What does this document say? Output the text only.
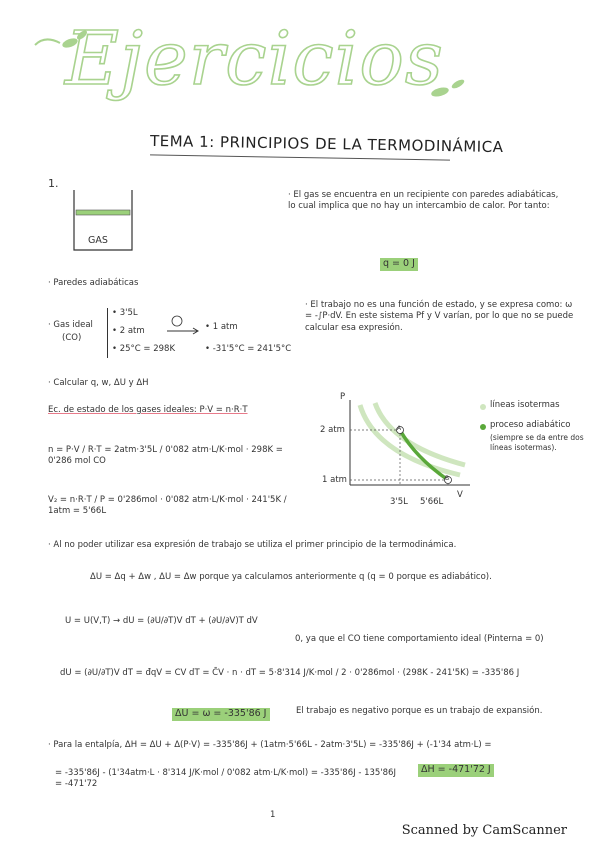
Ejercicios
TEMA 1: PRINCIPIOS DE LA TERMODINÁMICA
1.
GAS
· Paredes adiabáticas
· Gas ideal
(CO)
• 3'5L
• 2 atm
• 25°C = 298K
• 1 atm
• -31'5°C = 241'5°C
· Calcular q, w, ΔU y ΔH
Ec. de estado de los gases ideales: P·V = n·R·T
n = P·V / R·T = 2atm·3'5L / 0'082 atm·L/K·mol · 298K = 0'286 mol CO
V₂ = n·R·T / P = 0'286mol · 0'082 atm·L/K·mol · 241'5K / 1atm = 5'66L
· El gas se encuentra en un recipiente con paredes adiabáticas, lo cual implica que no hay un intercambio de calor. Por tanto:
q = 0 J
· El trabajo no es una función de estado, y se expresa como: ω = -∫P·dV. En este sistema Pf y V varían, por lo que no se puede calcular esa expresión.
P
V
2 atm
1 atm
3'5L 5'66L
A
B
líneas isotermas
proceso adiabático
(siempre se da entre dos líneas isotermas).
· Al no poder utilizar esa expresión de trabajo se utiliza el primer principio de la termodinámica.
ΔU = Δq + Δw , ΔU = Δw porque ya calculamos anteriormente q (q = 0 porque es adiabático).
U = U(V,T) → dU = (∂U/∂T)V dT + (∂U/∂V)T dV
0, ya que el CO tiene comportamiento ideal (Pinterna = 0)
dU = (∂U/∂T)V dT = đqV = CV dT = C̄V · n · dT = 5·8'314 J/K·mol / 2 · 0'286mol · (298K - 241'5K) = -335'86 J
ΔU = ω = -335'86 J	El trabajo es negativo porque es un trabajo de expansión.
· Para la entalpía, ΔH = ΔU + Δ(P·V) = -335'86J + (1atm·5'66L - 2atm·3'5L) = -335'86J + (-1'34 atm·L) =
= -335'86J - (1'34atm·L · 8'314 J/K·mol / 0'082 atm·L/K·mol) = -335'86J - 135'86J = -471'72
ΔH = -471'72 J
1
Scanned by CamScanner
